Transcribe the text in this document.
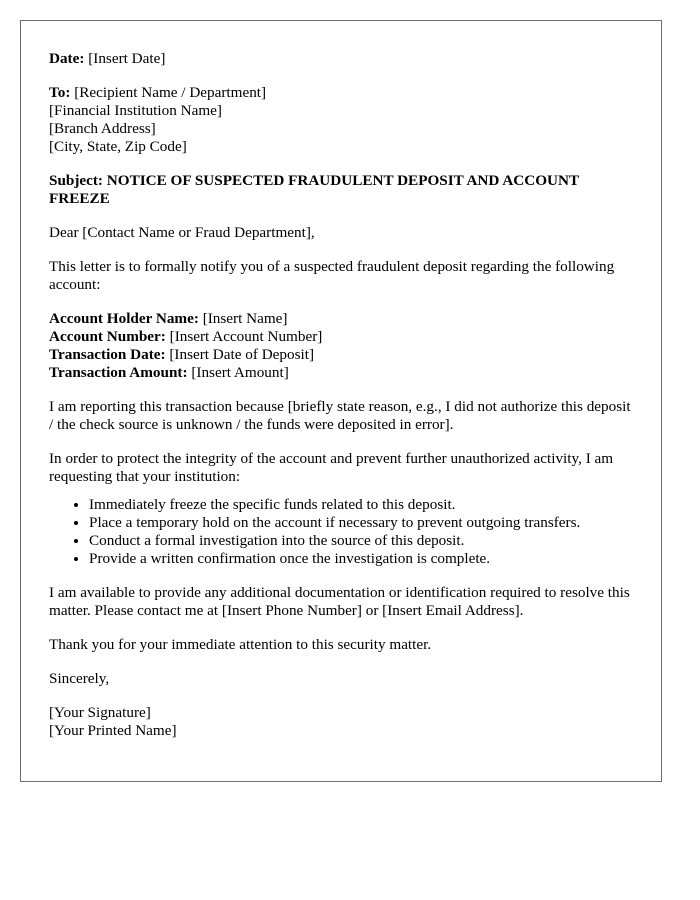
Date: [Insert Date]

To: [Recipient Name / Department]

[Financial Institution Name]

[Branch Address]

[City, State, Zip Code]

Subject: NOTICE OF SUSPECTED FRAUDULENT DEPOSIT AND ACCOUNT FREEZE

Dear [Contact Name or Fraud Department],

This letter is to formally notify you of a suspected fraudulent deposit regarding the following account:

Account Holder Name: [Insert Name]

Account Number: [Insert Account Number]

Transaction Date: [Insert Date of Deposit]

Transaction Amount: [Insert Amount]

I am reporting this transaction because [briefly state reason, e.g., I did not authorize this deposit / the check source is unknown / the funds were deposited in error].

In order to protect the integrity of the account and prevent further unauthorized activity, I am requesting that your institution:

• Immediately freeze the specific funds related to this deposit.
• Place a temporary hold on the account if necessary to prevent outgoing transfers.
• Conduct a formal investigation into the source of this deposit.
• Provide a written confirmation once the investigation is complete.

I am available to provide any additional documentation or identification required to resolve this matter. Please contact me at [Insert Phone Number] or [Insert Email Address].

Thank you for your immediate attention to this security matter.

Sincerely,

[Your Signature]

[Your Printed Name]
